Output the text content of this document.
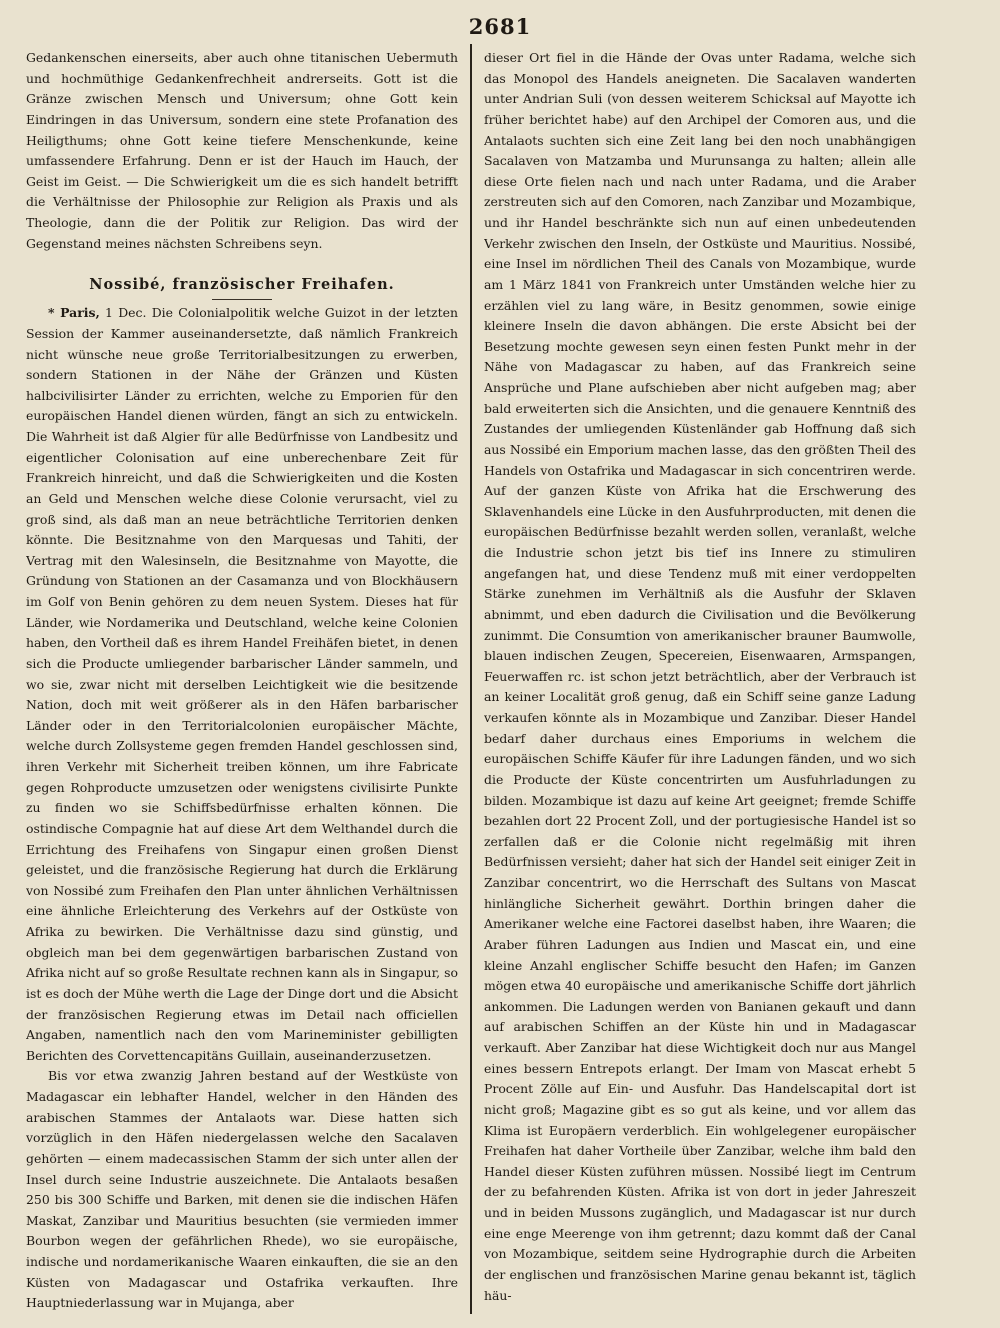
2681

Gedankenschen einerseits, aber auch ohne titanischen Uebermuth und hochmüthige Gedankenfrechheit andrerseits. Gott ist die Gränze zwischen Mensch und Universum; ohne Gott kein Eindringen in das Universum, sondern eine stete Profanation des Heiligthums; ohne Gott keine tiefere Menschenkunde, keine umfassendere Erfahrung. Denn er ist der Hauch im Hauch, der Geist im Geist. — Die Schwierigkeit um die es sich handelt betrifft die Verhältnisse der Philosophie zur Religion als Praxis und als Theologie, dann die der Politik zur Religion. Das wird der Gegenstand meines nächsten Schreibens seyn.

Nossibé, französischer Freihafen.

* Paris, 1 Dec. Die Colonialpolitik welche Guizot in der letzten Session der Kammer auseinandersetzte, daß nämlich Frankreich nicht wünsche neue große Territorialbesitzungen zu erwerben, sondern Stationen in der Nähe der Gränzen und Küsten halbcivilisirter Länder zu errichten, welche zu Emporien für den europäischen Handel dienen würden, fängt an sich zu entwickeln. Die Wahrheit ist daß Algier für alle Bedürfnisse von Landbesitz und eigentlicher Colonisation auf eine unberechenbare Zeit für Frankreich hinreicht, und daß die Schwierigkeiten und die Kosten an Geld und Menschen welche diese Colonie verursacht, viel zu groß sind, als daß man an neue beträchtliche Territorien denken könnte. Die Besitznahme von den Marquesas und Tahiti, der Vertrag mit den Walesinseln, die Besitznahme von Mayotte, die Gründung von Stationen an der Casamanza und von Blockhäusern im Golf von Benin gehören zu dem neuen System. Dieses hat für Länder, wie Nordamerika und Deutschland, welche keine Colonien haben, den Vortheil daß es ihrem Handel Freihäfen bietet, in denen sich die Producte umliegender barbarischer Länder sammeln, und wo sie, zwar nicht mit derselben Leichtigkeit wie die besitzende Nation, doch mit weit größerer als in den Häfen barbarischer Länder oder in den Territorialcolonien europäischer Mächte, welche durch Zollsysteme gegen fremden Handel geschlossen sind, ihren Verkehr mit Sicherheit treiben können, um ihre Fabricate gegen Rohproducte umzusetzen oder wenigstens civilisirte Punkte zu finden wo sie Schiffsbedürfnisse erhalten können. Die ostindische Compagnie hat auf diese Art dem Welthandel durch die Errichtung des Freihafens von Singapur einen großen Dienst geleistet, und die französische Regierung hat durch die Erklärung von Nossibé zum Freihafen den Plan unter ähnlichen Verhältnissen eine ähnliche Erleichterung des Verkehrs auf der Ostküste von Afrika zu bewirken. Die Verhältnisse dazu sind günstig, und obgleich man bei dem gegenwärtigen barbarischen Zustand von Afrika nicht auf so große Resultate rechnen kann als in Singapur, so ist es doch der Mühe werth die Lage der Dinge dort und die Absicht der französischen Regierung etwas im Detail nach officiellen Angaben, namentlich nach den vom Marineminister gebilligten Berichten des Corvettencapitäns Guillain, auseinanderzusetzen.

Bis vor etwa zwanzig Jahren bestand auf der Westküste von Madagascar ein lebhafter Handel, welcher in den Händen des arabischen Stammes der Antalaots war. Diese hatten sich vorzüglich in den Häfen niedergelassen welche den Sacalaven gehörten — einem madecassischen Stamm der sich unter allen der Insel durch seine Industrie auszeichnete. Die Antalaots besaßen 250 bis 300 Schiffe und Barken, mit denen sie die indischen Häfen Maskat, Zanzibar und Mauritius besuchten (sie vermieden immer Bourbon wegen der gefährlichen Rhede), wo sie europäische, indische und nordamerikanische Waaren einkauften, die sie an den Küsten von Madagascar und Ostafrika verkauften. Ihre Hauptniederlassung war in Mujanga, aber

dieser Ort fiel in die Hände der Ovas unter Radama, welche sich das Monopol des Handels aneigneten. Die Sacalaven wanderten unter Andrian Suli (von dessen weiterem Schicksal auf Mayotte ich früher berichtet habe) auf den Archipel der Comoren aus, und die Antalaots suchten sich eine Zeit lang bei den noch unabhängigen Sacalaven von Matzamba und Murunsanga zu halten; allein alle diese Orte fielen nach und nach unter Radama, und die Araber zerstreuten sich auf den Comoren, nach Zanzibar und Mozambique, und ihr Handel beschränkte sich nun auf einen unbedeutenden Verkehr zwischen den Inseln, der Ostküste und Mauritius. Nossibé, eine Insel im nördlichen Theil des Canals von Mozambique, wurde am 1 März 1841 von Frankreich unter Umständen welche hier zu erzählen viel zu lang wäre, in Besitz genommen, sowie einige kleinere Inseln die davon abhängen. Die erste Absicht bei der Besetzung mochte gewesen seyn einen festen Punkt mehr in der Nähe von Madagascar zu haben, auf das Frankreich seine Ansprüche und Plane aufschieben aber nicht aufgeben mag; aber bald erweiterten sich die Ansichten, und die genauere Kenntniß des Zustandes der umliegenden Küstenländer gab Hoffnung daß sich aus Nossibé ein Emporium machen lasse, das den größten Theil des Handels von Ostafrika und Madagascar in sich concentriren werde. Auf der ganzen Küste von Afrika hat die Erschwerung des Sklavenhandels eine Lücke in den Ausfuhrproducten, mit denen die europäischen Bedürfnisse bezahlt werden sollen, veranlaßt, welche die Industrie schon jetzt bis tief ins Innere zu stimuliren angefangen hat, und diese Tendenz muß mit einer verdoppelten Stärke zunehmen im Verhältniß als die Ausfuhr der Sklaven abnimmt, und eben dadurch die Civilisation und die Bevölkerung zunimmt. Die Consumtion von amerikanischer brauner Baumwolle, blauen indischen Zeugen, Specereien, Eisenwaaren, Armspangen, Feuerwaffen rc. ist schon jetzt beträchtlich, aber der Verbrauch ist an keiner Localität groß genug, daß ein Schiff seine ganze Ladung verkaufen könnte als in Mozambique und Zanzibar. Dieser Handel bedarf daher durchaus eines Emporiums in welchem die europäischen Schiffe Käufer für ihre Ladungen fänden, und wo sich die Producte der Küste concentrirten um Ausfuhrladungen zu bilden. Mozambique ist dazu auf keine Art geeignet; fremde Schiffe bezahlen dort 22 Procent Zoll, und der portugiesische Handel ist so zerfallen daß er die Colonie nicht regelmäßig mit ihren Bedürfnissen versieht; daher hat sich der Handel seit einiger Zeit in Zanzibar concentrirt, wo die Herrschaft des Sultans von Mascat hinlängliche Sicherheit gewährt. Dorthin bringen daher die Amerikaner welche eine Factorei daselbst haben, ihre Waaren; die Araber führen Ladungen aus Indien und Mascat ein, und eine kleine Anzahl englischer Schiffe besucht den Hafen; im Ganzen mögen etwa 40 europäische und amerikanische Schiffe dort jährlich ankommen. Die Ladungen werden von Banianen gekauft und dann auf arabischen Schiffen an der Küste hin und in Madagascar verkauft. Aber Zanzibar hat diese Wichtigkeit doch nur aus Mangel eines bessern Entrepots erlangt. Der Imam von Mascat erhebt 5 Procent Zölle auf Ein- und Ausfuhr. Das Handelscapital dort ist nicht groß; Magazine gibt es so gut als keine, und vor allem das Klima ist Europäern verderblich. Ein wohlgelegener europäischer Freihafen hat daher Vortheile über Zanzibar, welche ihm bald den Handel dieser Küsten zuführen müssen. Nossibé liegt im Centrum der zu befahrenden Küsten. Afrika ist von dort in jeder Jahreszeit und in beiden Mussons zugänglich, und Madagascar ist nur durch eine enge Meerenge von ihm getrennt; dazu kommt daß der Canal von Mozambique, seitdem seine Hydrographie durch die Arbeiten der englischen und französischen Marine genau bekannt ist, täglich häu-
